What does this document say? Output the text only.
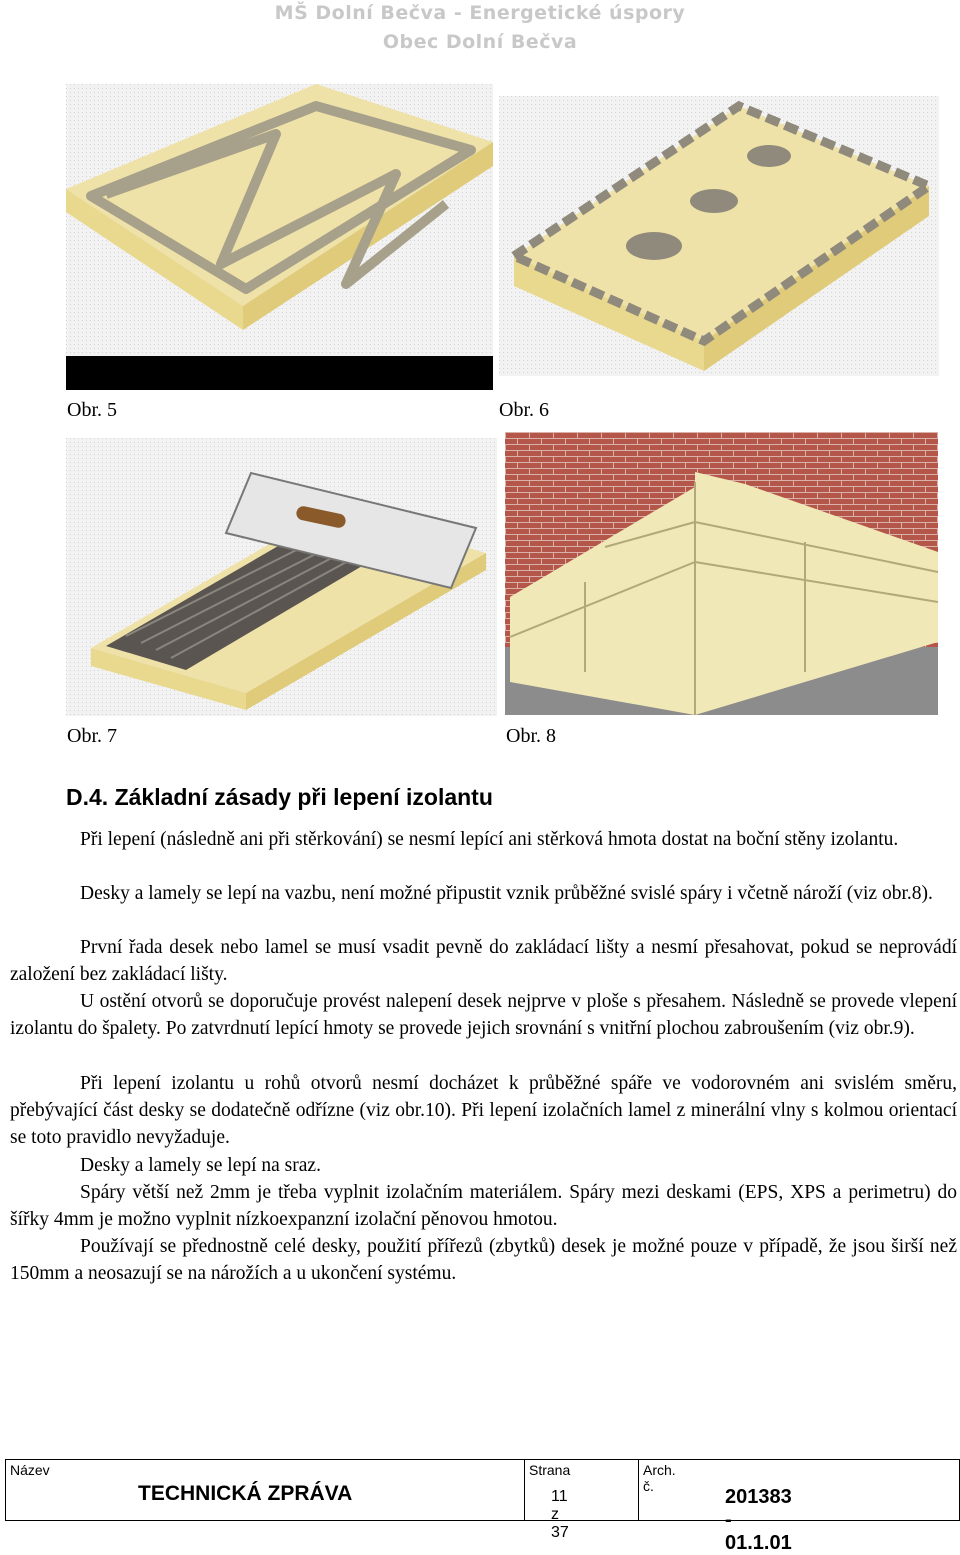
MŠ Dolní Bečva - Energetické úspory
Obec Dolní Bečva
Obr. 5	Obr. 6
Obr. 7	Obr. 8
D.4. Základní zásady při lepení izolantu
Při lepení (následně ani při stěrkování) se nesmí lepící ani stěrková hmota dostat na boční stěny izolantu.
Desky a lamely se lepí na vazbu, není možné připustit vznik průběžné svislé spáry i včetně nároží (viz obr.8).
První řada desek nebo lamel se musí vsadit pevně do zakládací lišty a nesmí přesahovat, pokud se neprovádí založení bez zakládací lišty.
U ostění otvorů se doporučuje provést nalepení desek nejprve v ploše s přesahem. Následně se provede vlepení izolantu do špalety. Po zatvrdnutí lepící hmoty se provede jejich srovnání s vnitřní plochou zabroušením (viz obr.9).
Při lepení izolantu u rohů otvorů nesmí docházet k průběžné spáře ve vodorovném ani svislém směru, přebývající část desky se dodatečně odřízne (viz obr.10). Při lepení izolačních lamel z minerální vlny s kolmou orientací se toto pravidlo nevyžaduje.
Desky a lamely se lepí na sraz.
Spáry větší než 2mm je třeba vyplnit izolačním materiálem. Spáry mezi deskami (EPS, XPS a perimetru) do šířky 4mm je možno vyplnit nízkoexpanzní izolační pěnovou hmotou.
Používají se přednostně celé desky, použití přířezů (zbytků) desek je možné pouze v případě, že jsou širší než 150mm a neosazují se na nárožích a u ukončení systému.
Název
TECHNICKÁ ZPRÁVA
Strana
11 z 37
Arch. č.	201383 - 01.1.01
